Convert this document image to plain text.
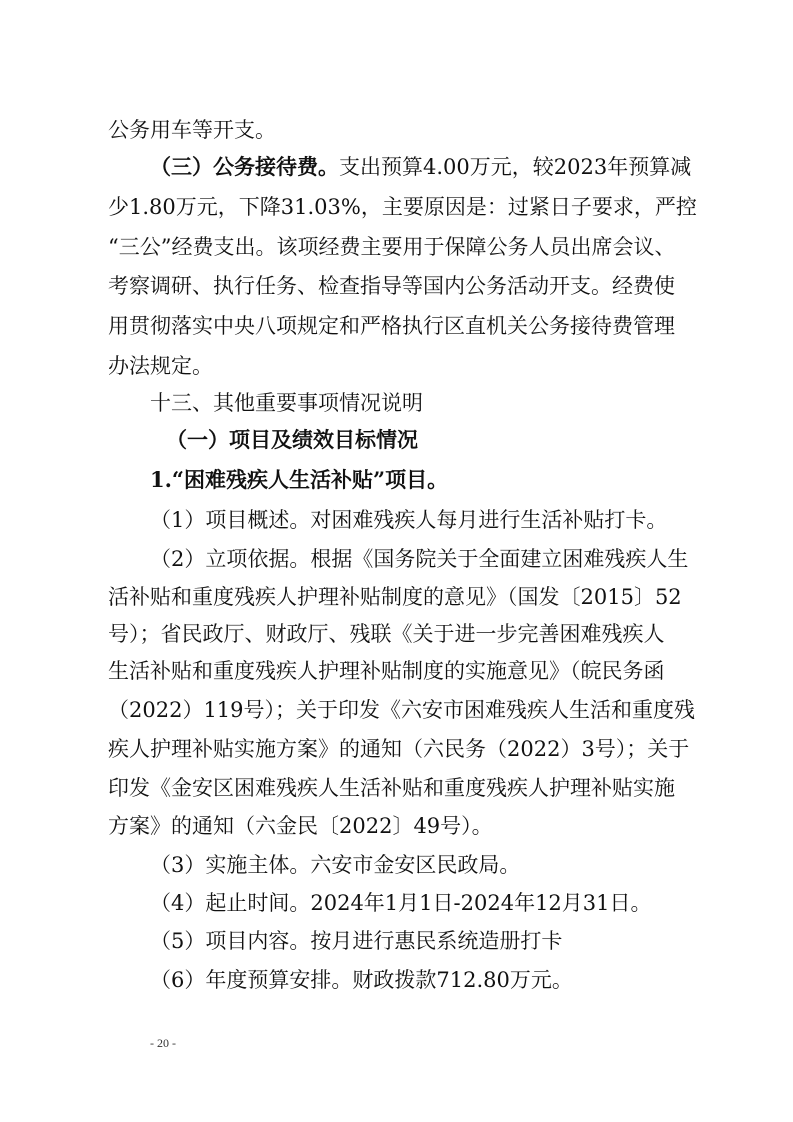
公务用车等开支。
（三）公务接待费。支出预算4.00万元，较2023年预算减
少1.80万元，下降31.03%，主要原因是：过紧日子要求，严控
“三公”经费支出。该项经费主要用于保障公务人员出席会议、
考察调研、执行任务、检查指导等国内公务活动开支。经费使
用贯彻落实中央八项规定和严格执行区直机关公务接待费管理
办法规定。
十三、其他重要事项情况说明
（一）项目及绩效目标情况
1.“困难残疾人生活补贴”项目。
（1）项目概述。对困难残疾人每月进行生活补贴打卡。
（2）立项依据。根据《国务院关于全面建立困难残疾人生
活补贴和重度残疾人护理补贴制度的意见》（国发〔2015〕52
号）；省民政厅、财政厅、残联《关于进一步完善困难残疾人
生活补贴和重度残疾人护理补贴制度的实施意见》（皖民务函
（2022）119号）；关于印发《六安市困难残疾人生活和重度残
疾人护理补贴实施方案》的通知（六民务（2022）3号）；关于
印发《金安区困难残疾人生活补贴和重度残疾人护理补贴实施
方案》的通知（六金民〔2022〕49号）。
（3）实施主体。六安市金安区民政局。
（4）起止时间。2024年1月1日-2024年12月31日。
（5）项目内容。按月进行惠民系统造册打卡
（6）年度预算安排。财政拨款712.80万元。
- 20 -
